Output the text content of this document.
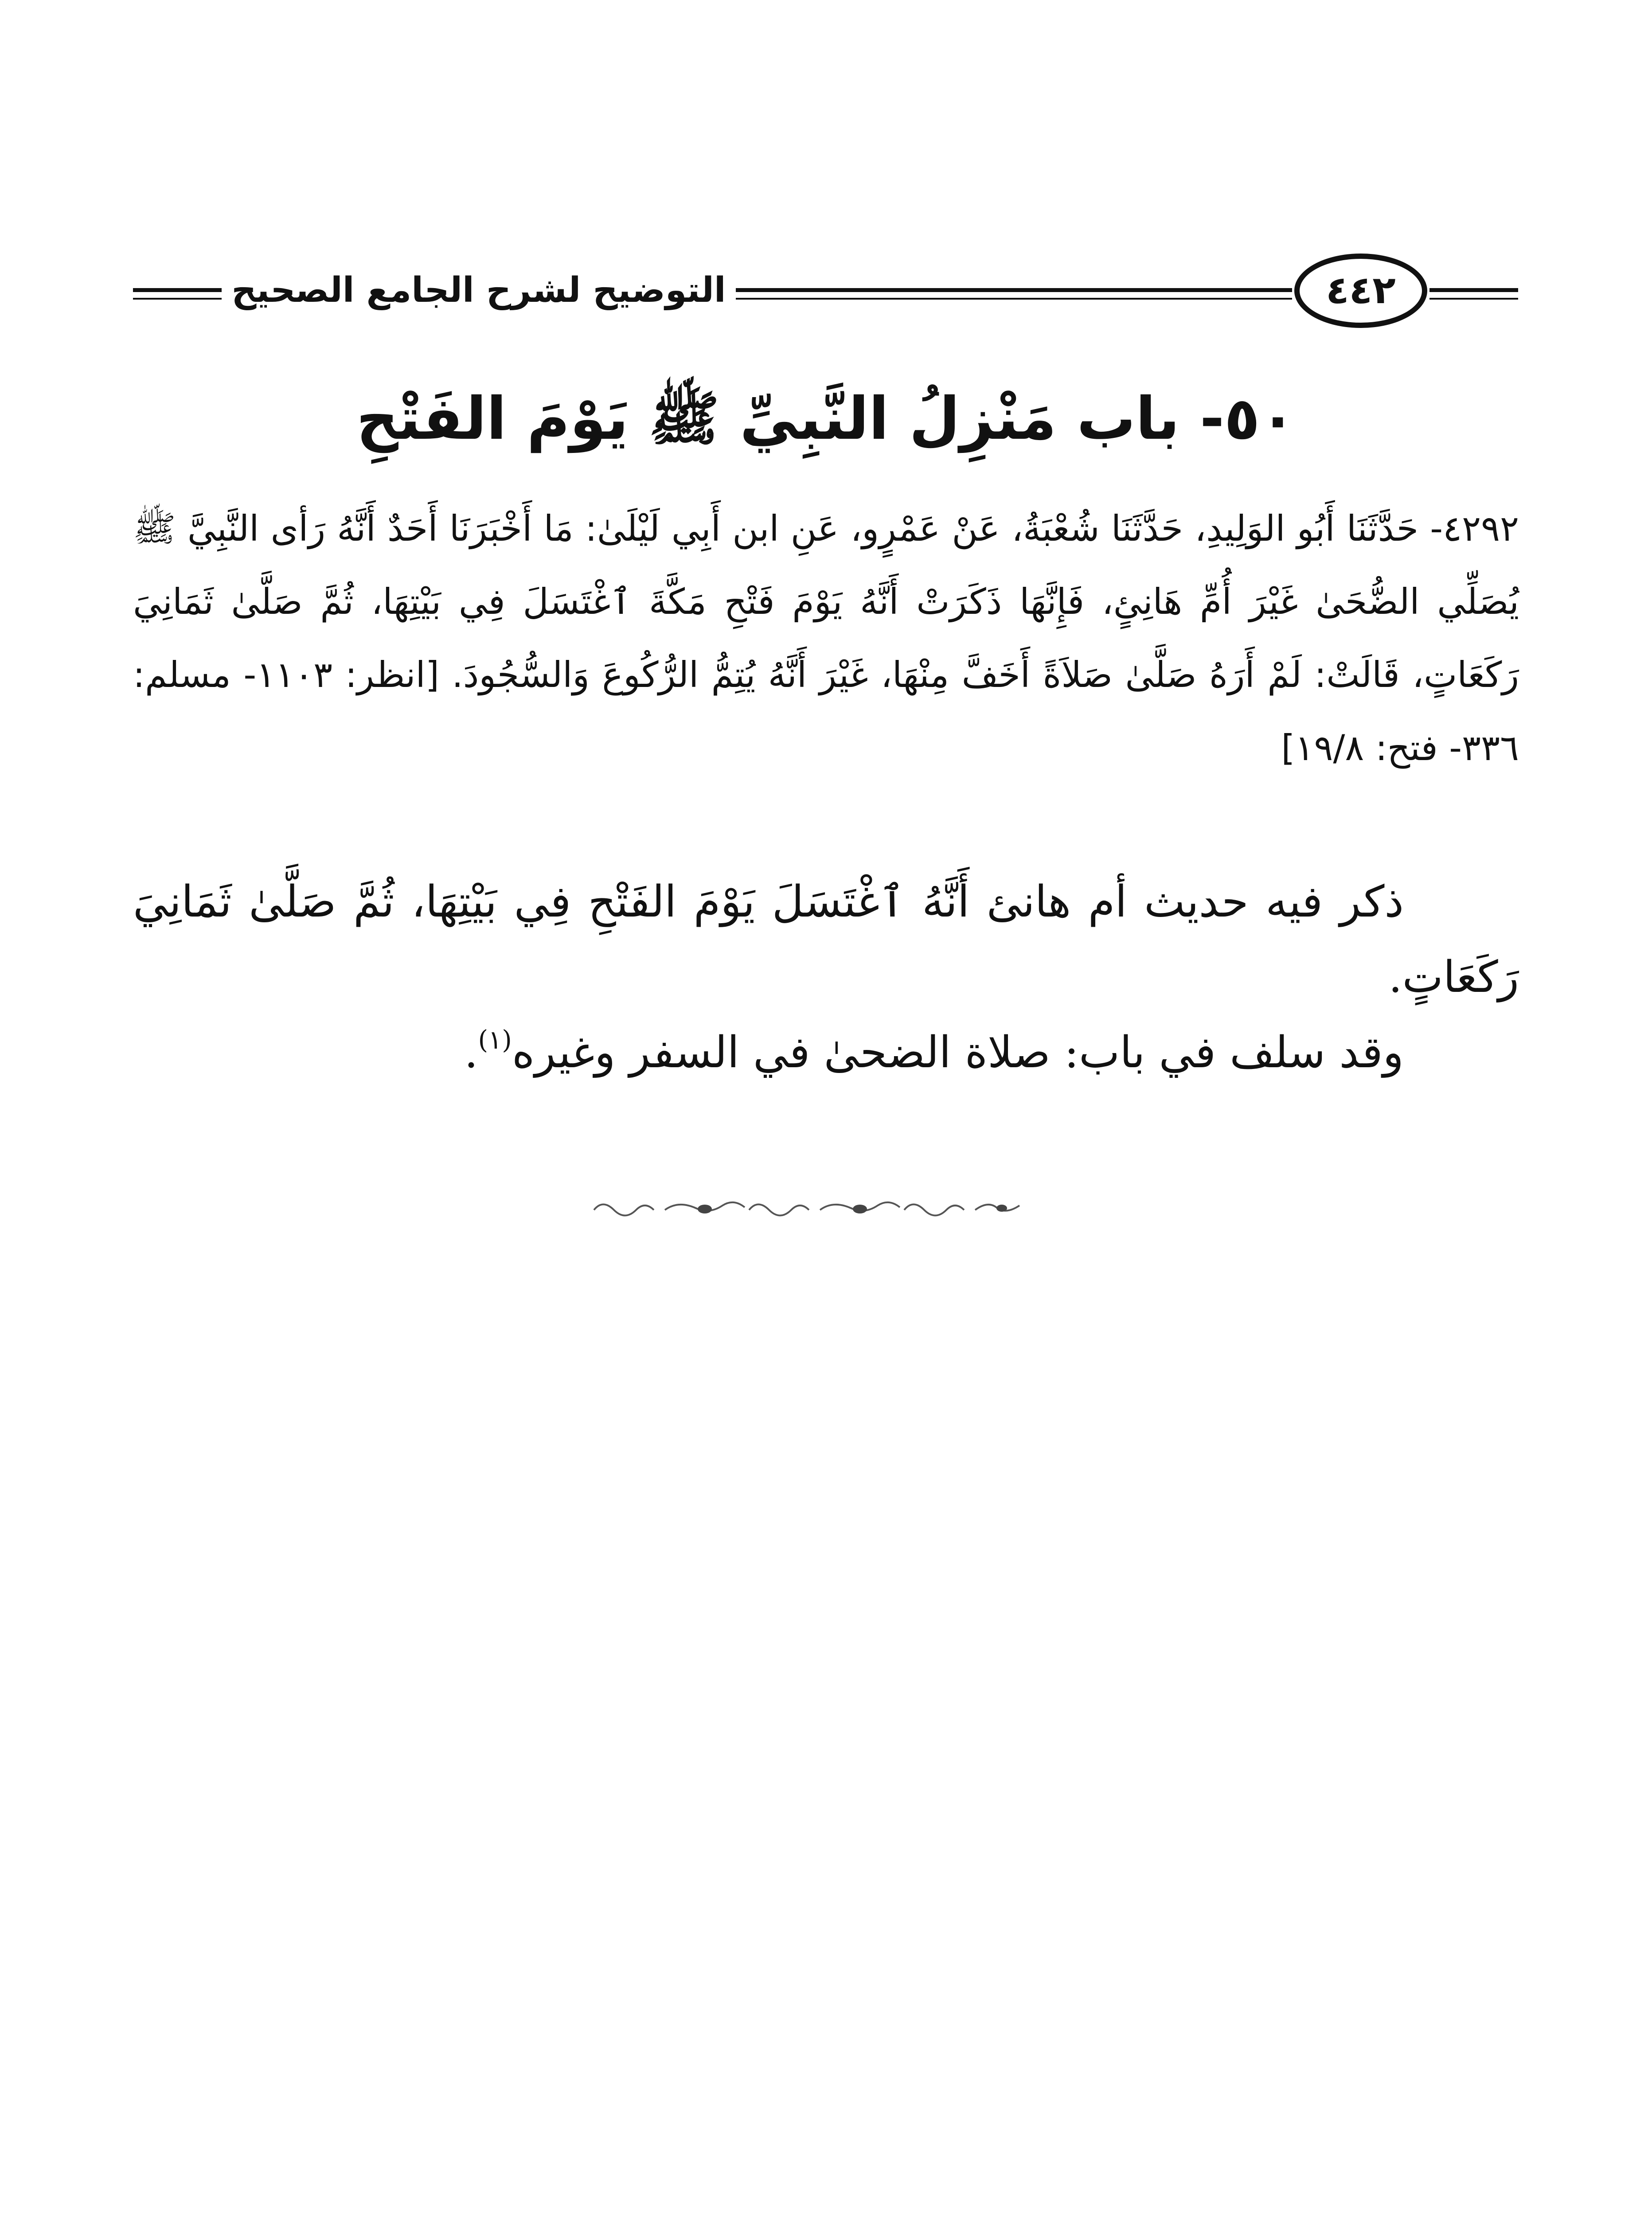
التوضيح لشرح الجامع الصحيح	٤٤٢
٥٠- باب مَنْزِلُ النَّبِيِّ ﷺ يَوْمَ الفَتْحِ
٤٢٩٢- حَدَّثَنَا أَبُو الوَلِيدِ، حَدَّثَنَا شُعْبَةُ، عَنْ عَمْرٍو، عَنِ ابن أَبِي لَيْلَىٰ: مَا أَخْبَرَنَا أَحَدٌ أَنَّهُ رَأى النَّبِيَّ ﷺ يُصَلِّي الضُّحَىٰ غَيْرَ أُمِّ هَانِئٍ، فَإِنَّهَا ذَكَرَتْ أَنَّهُ يَوْمَ فَتْحِ مَكَّةَ ٱغْتَسَلَ فِي بَيْتِهَا، ثُمَّ صَلَّىٰ ثَمَانِيَ رَكَعَاتٍ، قَالَتْ: لَمْ أَرَهُ صَلَّىٰ صَلاَةً أَخَفَّ مِنْهَا، غَيْرَ أَنَّهُ يُتِمُّ الرُّكُوعَ وَالسُّجُودَ. [انظر: ١١٠٣- مسلم: ٣٣٦- فتح: ١٩/٨]

ذكر فيه حديث أم هانئ أَنَّهُ ٱغْتَسَلَ يَوْمَ الفَتْحِ فِي بَيْتِهَا، ثُمَّ صَلَّىٰ ثَمَانِيَ رَكَعَاتٍ.

وقد سلف في باب: صلاة الضحىٰ في السفر وغيره$^{(١)}$.
